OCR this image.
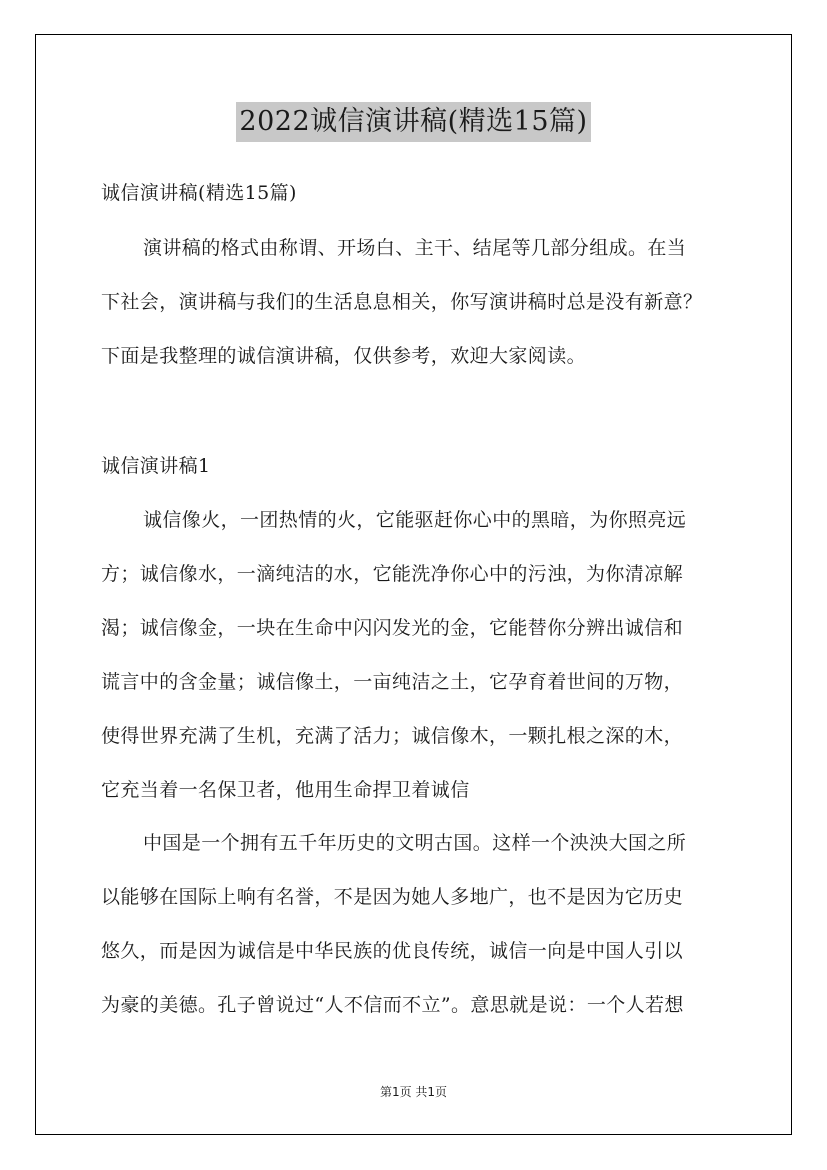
2022诚信演讲稿(精选15篇)
诚信演讲稿(精选15篇)
演讲稿的格式由称谓、开场白、主干、结尾等几部分组成。在当
下社会，演讲稿与我们的生活息息相关，你写演讲稿时总是没有新意？
下面是我整理的诚信演讲稿，仅供参考，欢迎大家阅读。
诚信演讲稿1
诚信像火，一团热情的火，它能驱赶你心中的黑暗，为你照亮远
方；诚信像水，一滴纯洁的水，它能洗净你心中的污浊，为你清凉解
渴；诚信像金，一块在生命中闪闪发光的金，它能替你分辨出诚信和
谎言中的含金量；诚信像土，一亩纯洁之土，它孕育着世间的万物，
使得世界充满了生机，充满了活力；诚信像木，一颗扎根之深的木，
它充当着一名保卫者，他用生命捍卫着诚信
中国是一个拥有五千年历史的文明古国。这样一个泱泱大国之所
以能够在国际上响有名誉，不是因为她人多地广，也不是因为它历史
悠久，而是因为诚信是中华民族的优良传统，诚信一向是中国人引以
为豪的美德。孔子曾说过“人不信而不立”。意思就是说：一个人若想
第1页 共1页
